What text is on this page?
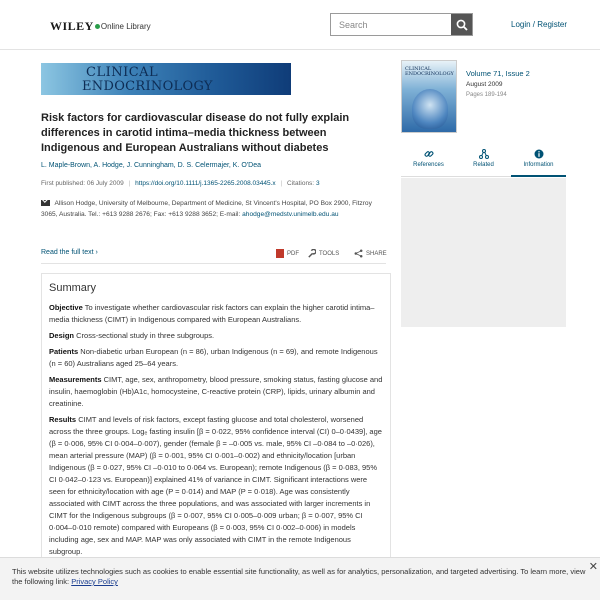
WILEY Online Library
Search	Login / Register
CLINICAL
ENDOCRINOLOGY
Risk factors for cardiovascular disease do not fully explain differences in carotid intima–media thickness between Indigenous and European Australians without diabetes
L. Maple-Brown, A. Hodge, J. Cunningham, D. S. Celermajer, K. O'Dea
First published: 06 July 2009 | https://doi.org/10.1111/j.1365-2265.2008.03445.x | Citations: 3
Allison Hodge, University of Melbourne, Department of Medicine, St Vincent's Hospital, PO Box 2900, Fitzroy 3065, Australia. Tel.: +613 9288 2676; Fax: +613 9288 3652; E-mail: ahodge@medstv.unimelb.edu.au
Read the full text ›	PDF	TOOLS	SHARE
Summary

Objective To investigate whether cardiovascular risk factors can explain the higher carotid intima–media thickness (CIMT) in Indigenous compared with European Australians.

Design Cross-sectional study in three subgroups.

Patients Non-diabetic urban European (n = 86), urban Indigenous (n = 69), and remote Indigenous (n = 60) Australians aged 25–64 years.

Measurements CIMT, age, sex, anthropometry, blood pressure, smoking status, fasting glucose and insulin, haemoglobin (Hb)A1c, homocysteine, C-reactive protein (CRP), lipids, urinary albumin and creatinine.

Results CIMT and levels of risk factors, except fasting glucose and total cholesterol, worsened across the three groups. Logₑ fasting insulin [β = 0·022, 95% confidence interval (CI) 0–0·0439], age (β = 0·006, 95% CI 0·004–0·007), gender (female β = –0·005 vs. male, 95% CI –0·084 to –0·026), mean arterial pressure (MAP) (β = 0·001, 95% CI 0·001–0·002) and ethnicity/location [urban Indigenous (β = 0·027, 95% CI –0·010 to 0·064 vs. European); remote Indigenous (β = 0·083, 95% CI 0·042–0·123 vs. European)] explained 41% of variance in CIMT. Significant interactions were seen for ethnicity/location with age (P = 0·014) and MAP (P = 0·018). Age was consistently associated with CIMT across the three populations, and was associated with larger increments in CIMT for the Indigenous subgroups (β = 0·007, 95% CI 0·005–0·009 urban; β = 0·007, 95% CI 0·004–0·010 remote) compared with Europeans (β = 0·003, 95% CI 0·002–0·006) in models including age, sex and MAP. MAP was only associated with CIMT in the remote Indigenous subgroup.

CLINICAL
ENDOCRINOLOGY Volume 71, Issue 2
August 2009
Pages 189-194
References	Related	Information
This website utilizes technologies such as cookies to enable essential site functionality, as well as for analytics, personalization, and targeted advertising. To learn more, view the following link: Privacy Policy
✕
